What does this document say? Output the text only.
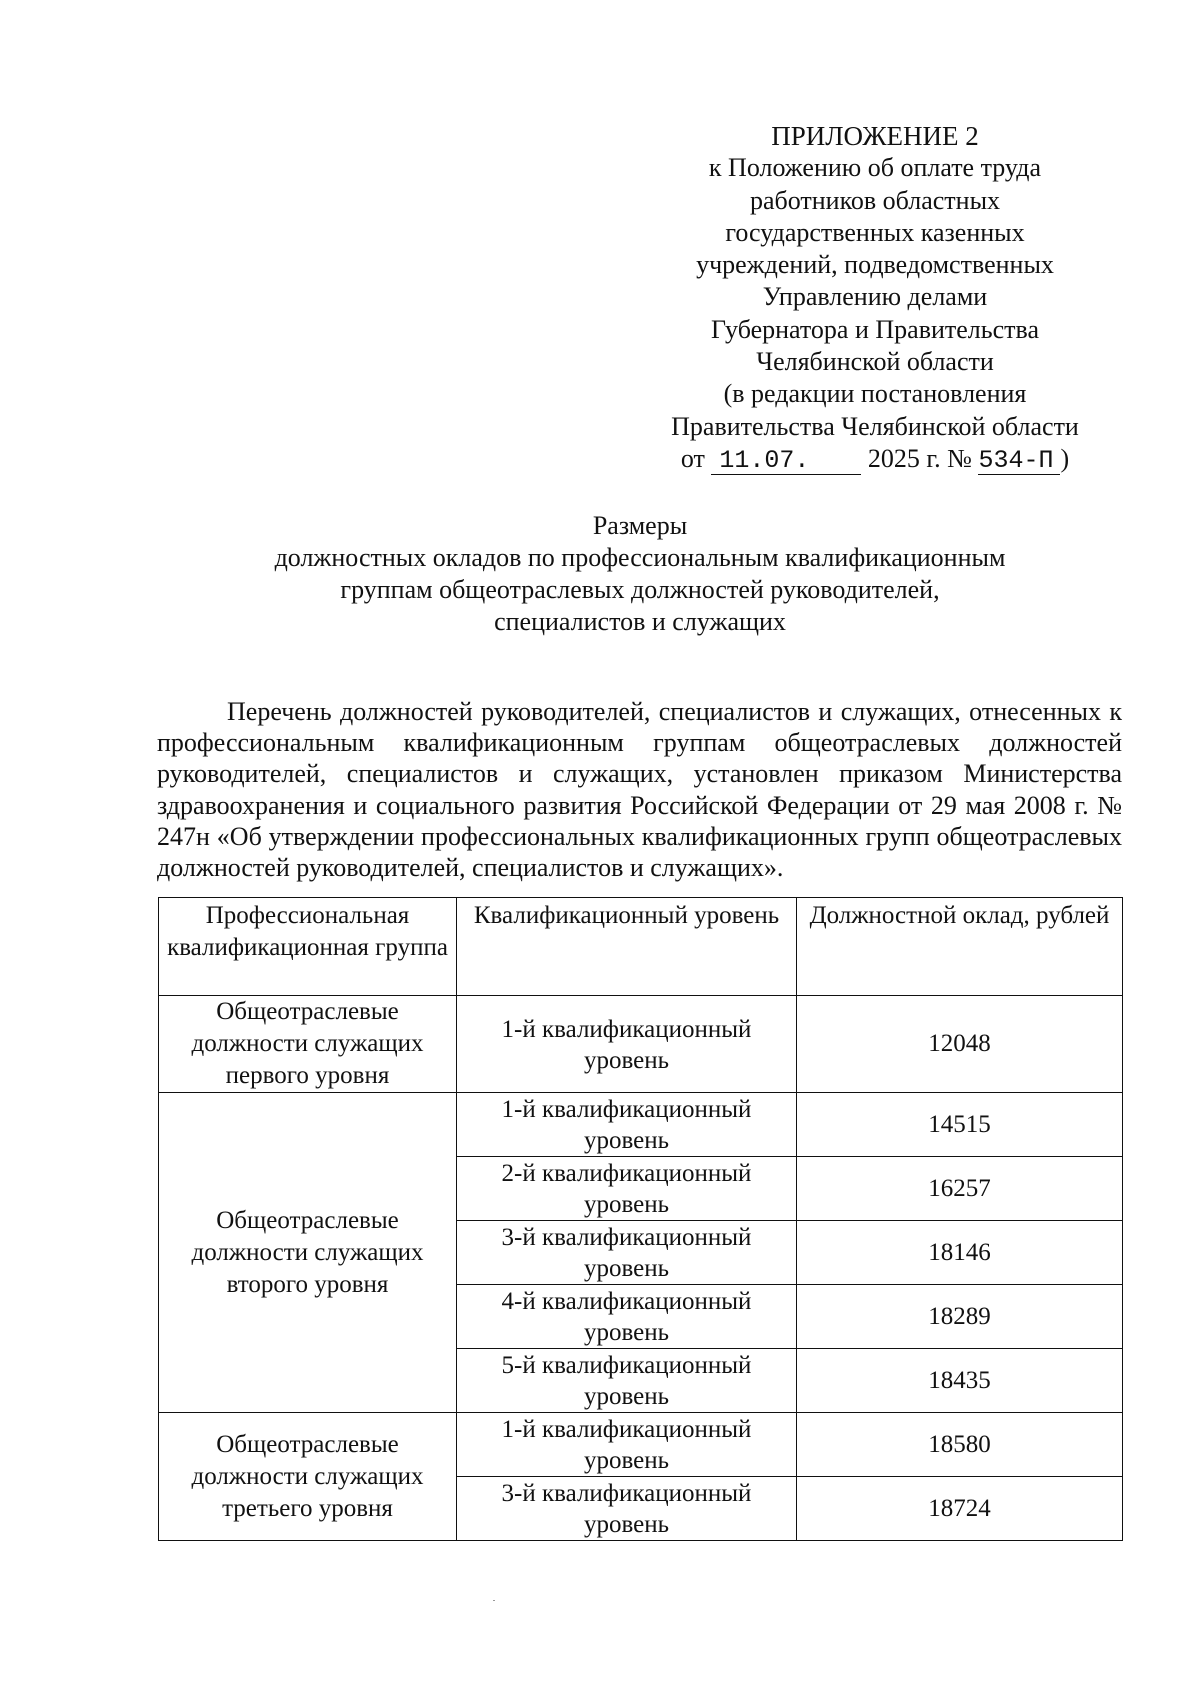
ПРИЛОЖЕНИЕ 2
к Положению об оплате труда
работников областных
государственных казенных
учреждений, подведомственных
Управлению делами
Губернатора и Правительства
Челябинской области
(в редакции постановления
Правительства Челябинской области
от 11.07. 2025 г. № 534-П )
Размеры
должностных окладов по профессиональным квалификационным
группам общеотраслевых должностей руководителей,
специалистов и служащих

Перечень должностей руководителей, специалистов и служащих, отнесенных к профессиональным квалификационным группам общеотраслевых должностей руководителей, специалистов и служащих, установлен приказом Министерства здравоохранения и социального развития Российской Федерации от 29 мая 2008 г. № 247н «Об утверждении профессиональных квалификационных групп общеотраслевых должностей руководителей, специалистов и служащих».

Профессиональная квалификационная группа	Квалификационный уровень	Должностной оклад, рублей
Общеотраслевые должности служащих первого уровня	1-й квалификационный уровень	12048
Общеотраслевые должности служащих второго уровня	1-й квалификационный уровень	14515
	2-й квалификационный уровень	16257
	3-й квалификационный уровень	18146
	4-й квалификационный уровень	18289
	5-й квалификационный уровень	18435
Общеотраслевые должности служащих третьего уровня	1-й квалификационный уровень	18580
	3-й квалификационный уровень	18724
